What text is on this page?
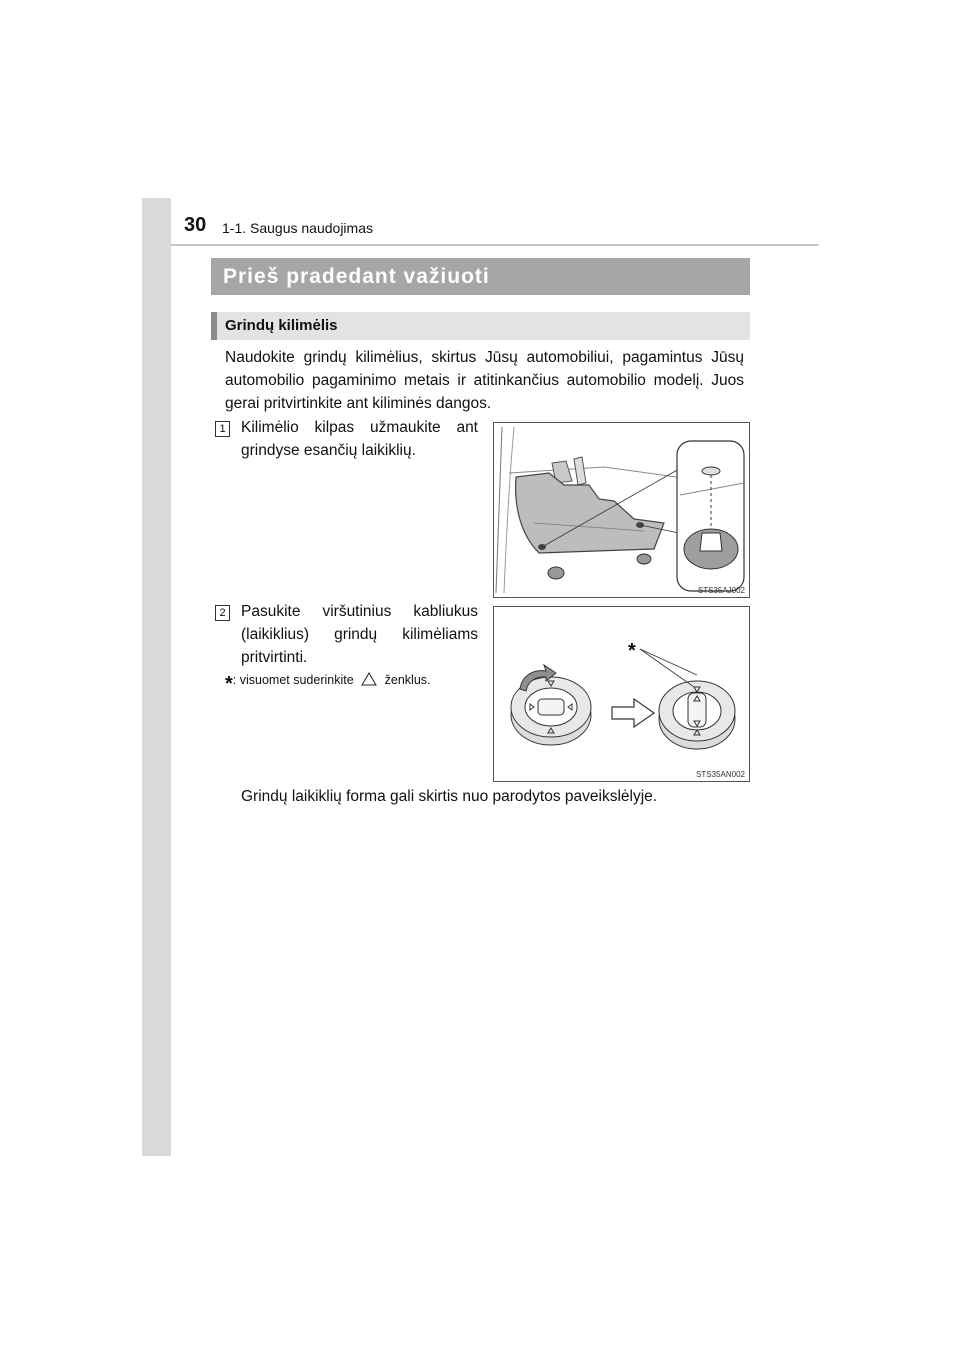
30 1-1. Saugus naudojimas
Prieš pradedant važiuoti
Grindų kilimėlis
Naudokite grindų kilimėlius, skirtus Jūsų automobiliui, pagamintus Jūsų automobilio pagaminimo metais ir atitinkančius automobilio modelį. Juos gerai pritvirtinkite ant kiliminės dangos.
1 Kilimėlio kilpas užmaukite ant grindyse esančių laikiklių.
STS35AJ002
2 Pasukite viršutinius kabliukus (laikiklius) grindų kilimėliams pritvirtinti.
*: visuomet suderinkite ženklus.
*
STS35AN002
Grindų laikiklių forma gali skirtis nuo parodytos paveikslėlyje.
